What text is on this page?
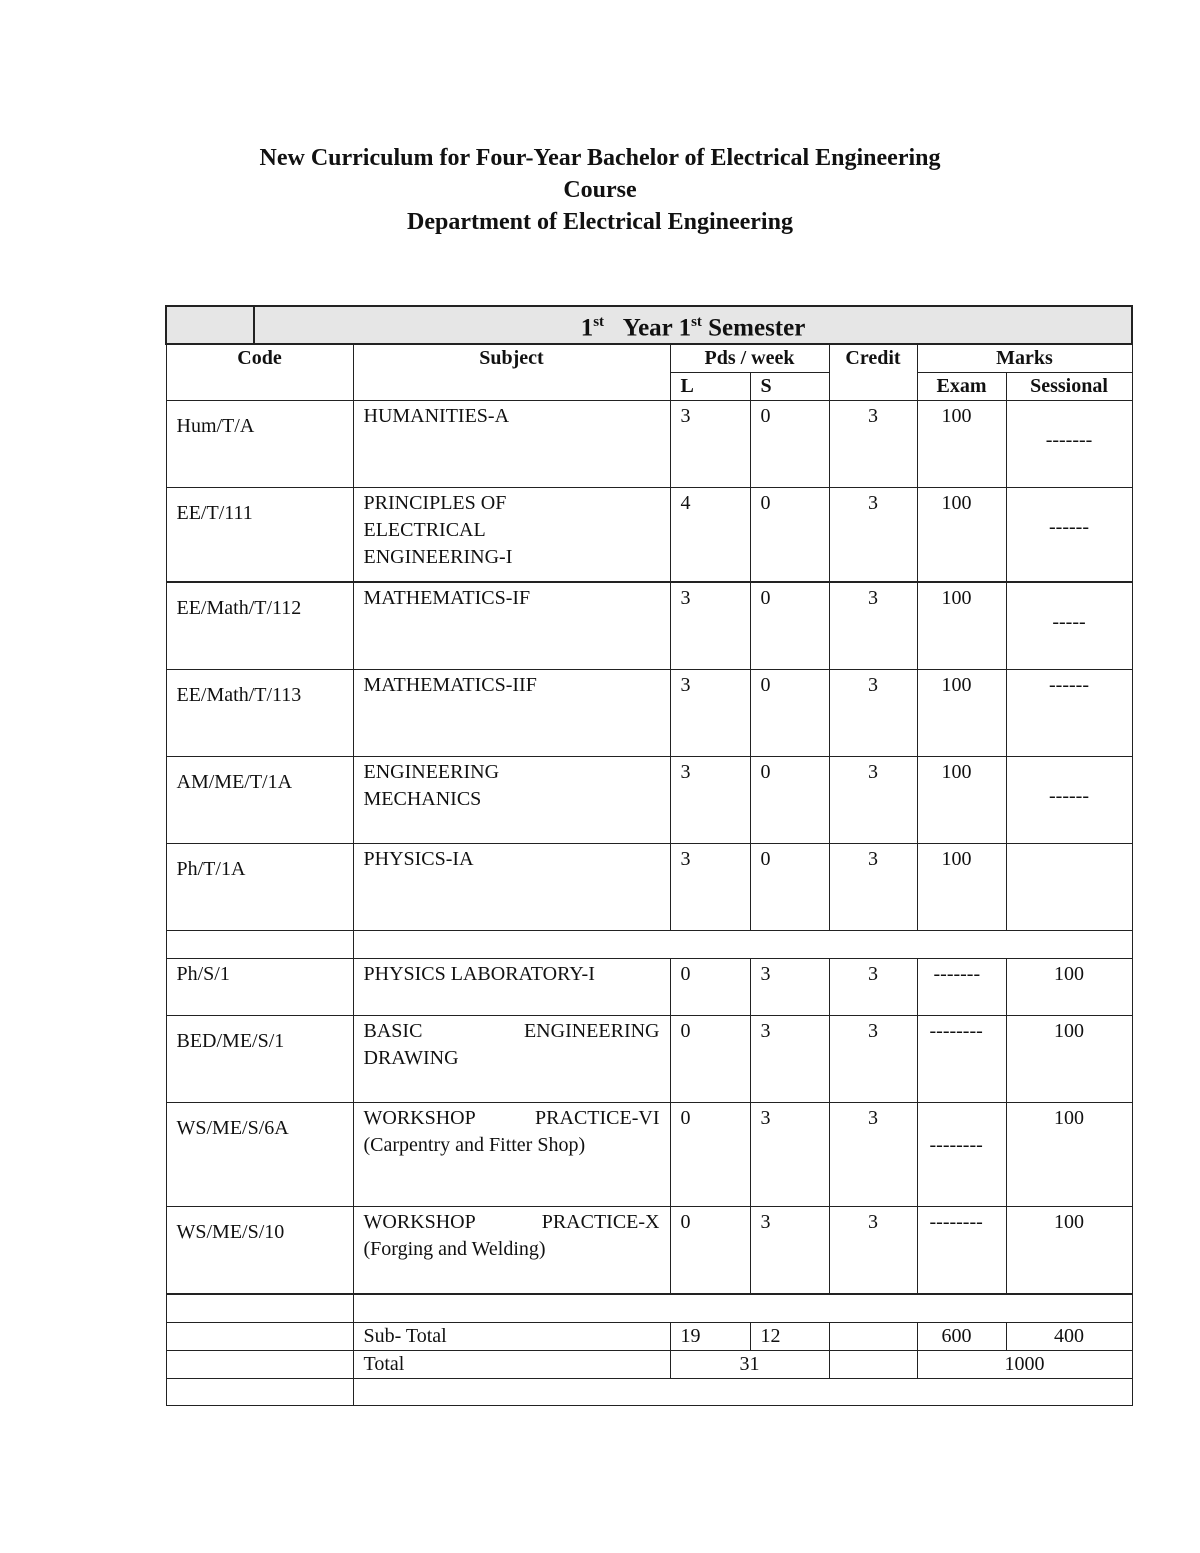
New Curriculum for Four-Year Bachelor of Electrical Engineering
Course
Department of Electrical Engineering
	1st Year 1st Semester						
Code		Subject	Pds / week		Credit	Marks	
			L	S		Exam	Sessional
Hum/T/A		HUMANITIES-A	3	0	3	100	-------

EE/T/111		PRINCIPLES OF ELECTRICAL ENGINEERING-I	4	0	3	100	------

EE/Math/T/112		MATHEMATICS-IF	3	0	3	100	-----

EE/Math/T/113		MATHEMATICS-IIF	3	0	3	100	------

AM/ME/T/1A		ENGINEERING MECHANICS	3	0	3	100	------

Ph/T/1A		PHYSICS-IA	3	0	3	100	

Ph/S/1		PHYSICS LABORATORY-I	0	3	3	-------	100

BED/ME/S/1		BASIC ENGINEERING DRAWING	0	3	3	--------	100

WS/ME/S/6A		WORKSHOP PRACTICE-VI (Carpentry and Fitter Shop)	0	3	3	--------	100

WS/ME/S/10		WORKSHOP PRACTICE-X (Forging and Welding)	0	3	3	--------	100

		Sub- Total	19	12		600	400
		Total	31			1000	
